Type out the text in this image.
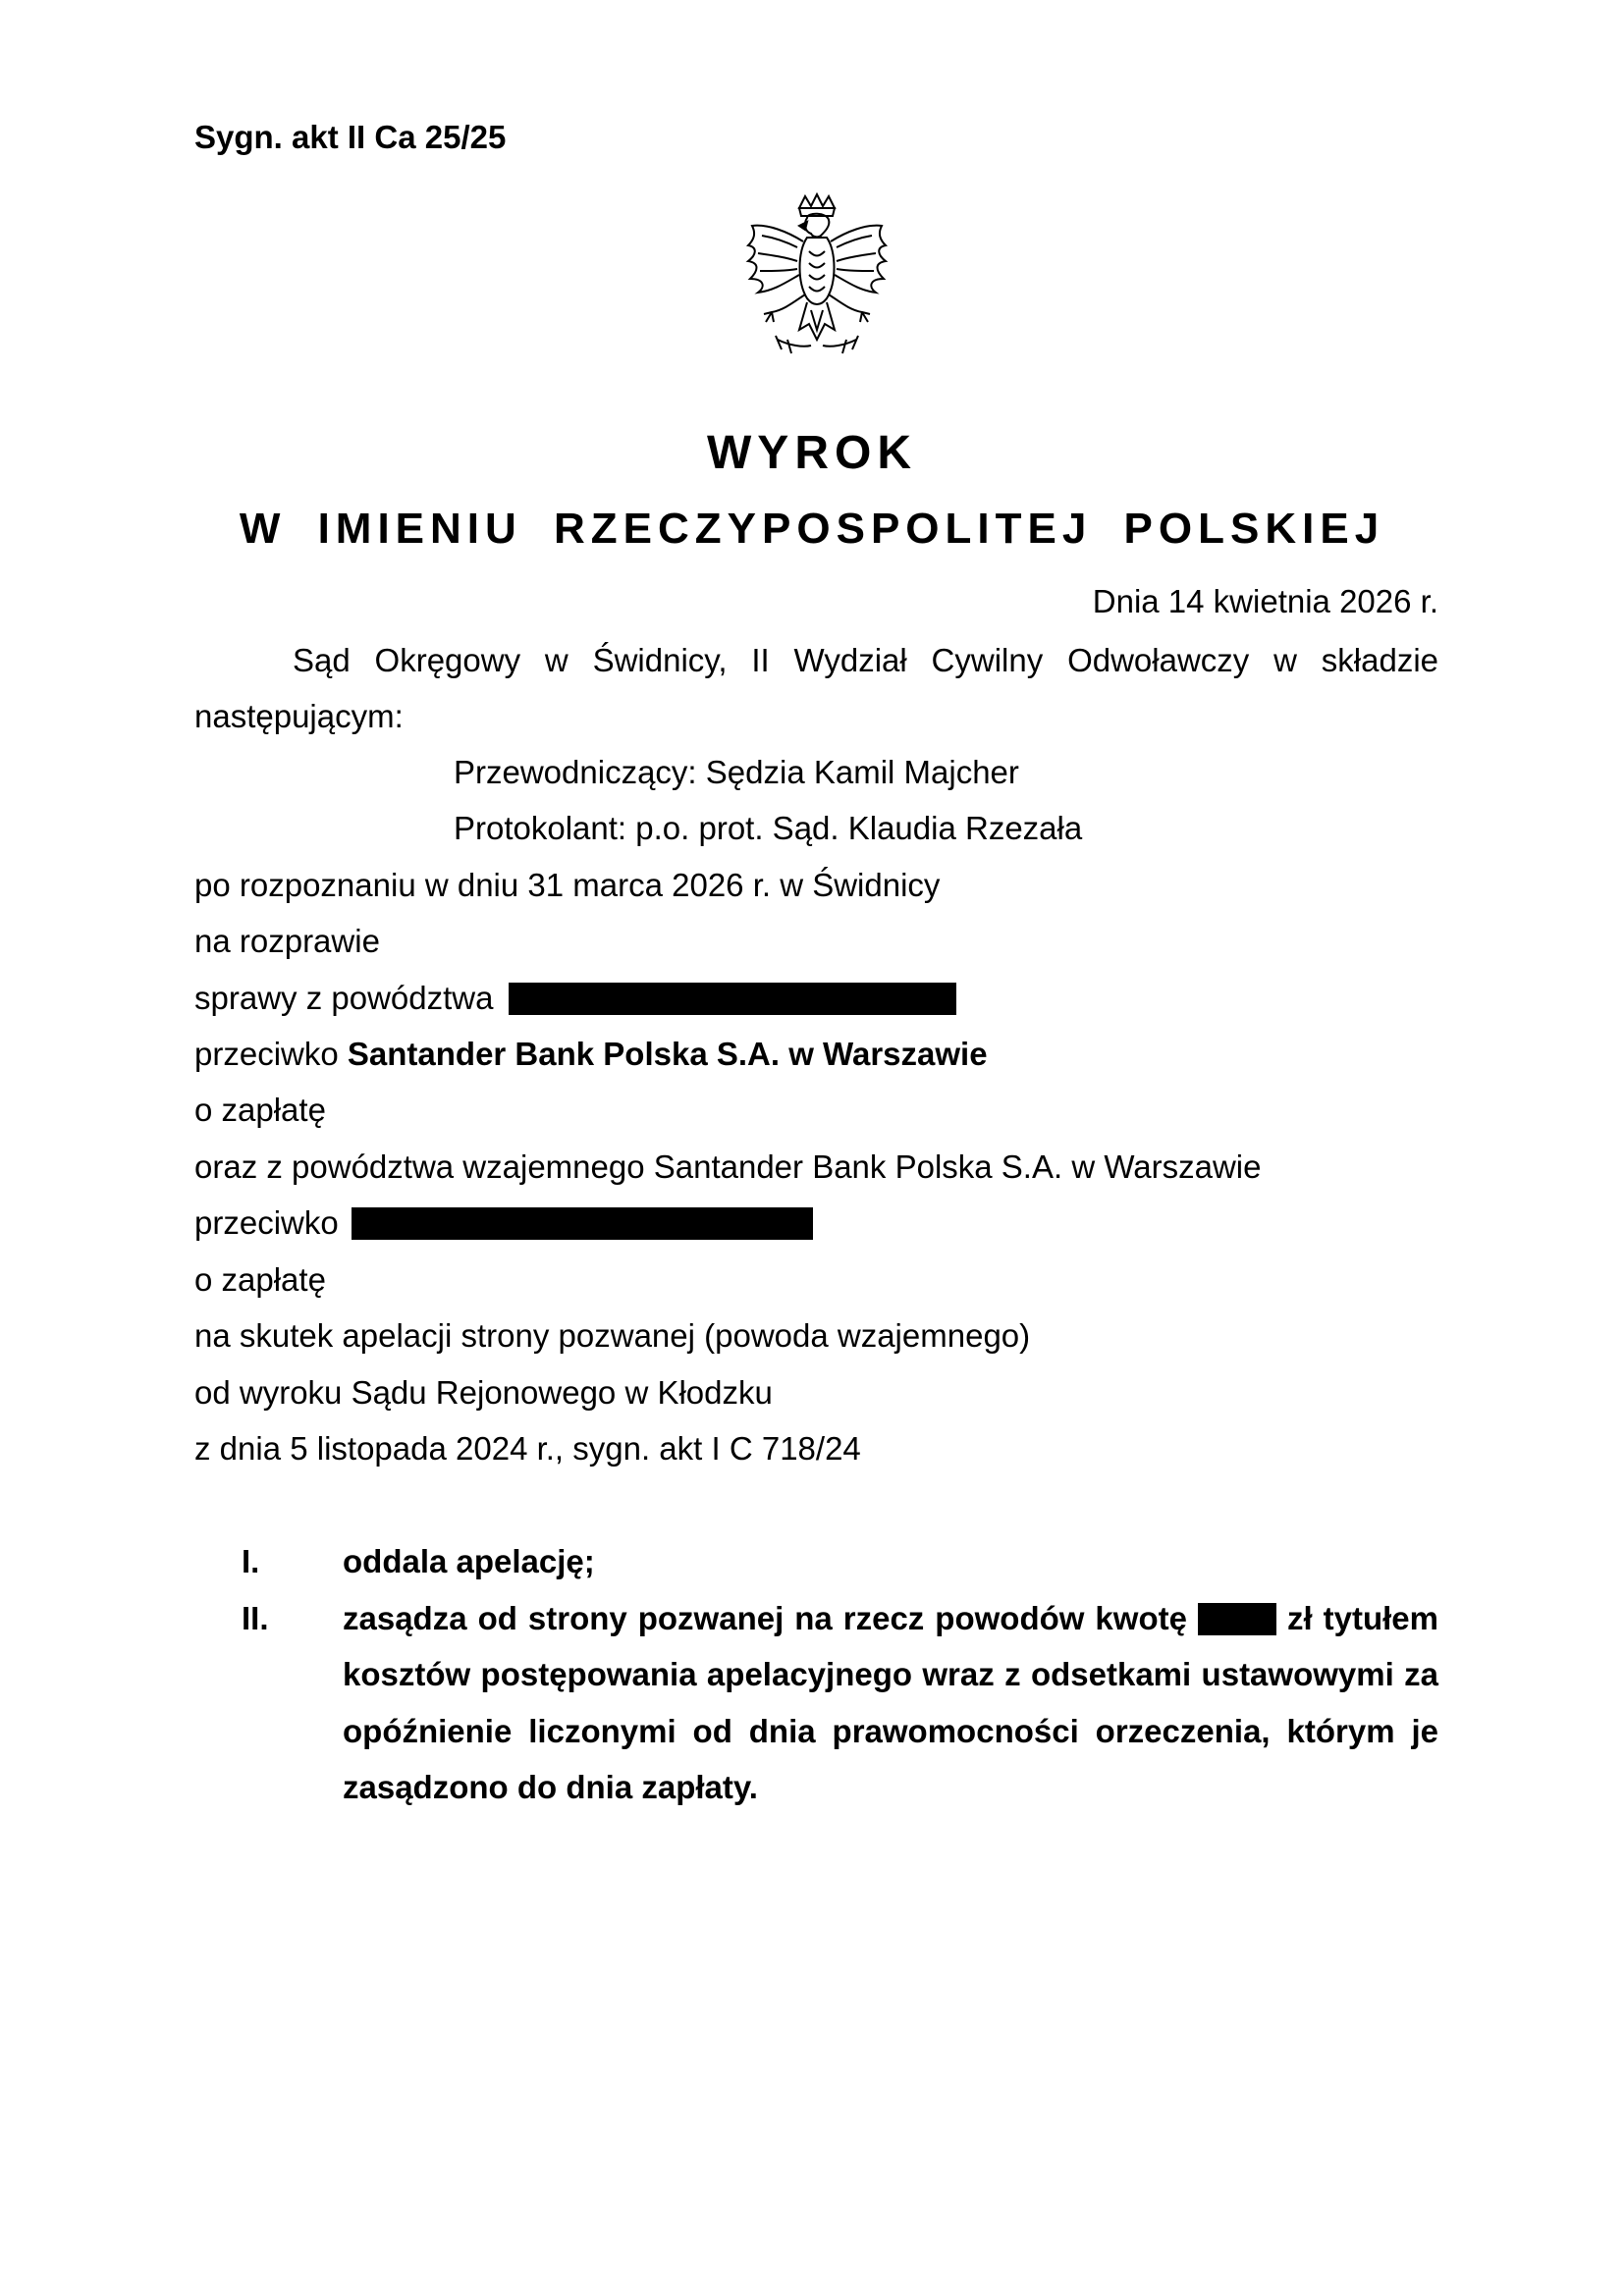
Sygn. akt II Ca 25/25
WYROK
W IMIENIU RZECZYPOSPOLITEJ POLSKIEJ
Dnia 14 kwietnia 2026 r.
Sąd Okręgowy w Świdnicy, II Wydział Cywilny Odwoławczy w składzie
następującym:
Przewodniczący: Sędzia Kamil Majcher
Protokolant: p.o. prot. Sąd. Klaudia Rzezała
po rozpoznaniu w dniu 31 marca 2026 r. w Świdnicy
na rozprawie
sprawy z powództwa
przeciwko Santander Bank Polska S.A. w Warszawie
o zapłatę
oraz z powództwa wzajemnego Santander Bank Polska S.A. w Warszawie
przeciwko
o zapłatę
na skutek apelacji strony pozwanej (powoda wzajemnego)
od wyroku Sądu Rejonowego w Kłodzku
z dnia 5 listopada 2024 r., sygn. akt I C 718/24
I.	oddala apelację;
II. zasądza od strony pozwanej na rzecz powodów kwotę	zł tytułem
kosztów postępowania apelacyjnego wraz z odsetkami ustawowymi za
opóźnienie liczonymi od dnia prawomocności orzeczenia, którym je
zasądzono do dnia zapłaty.
